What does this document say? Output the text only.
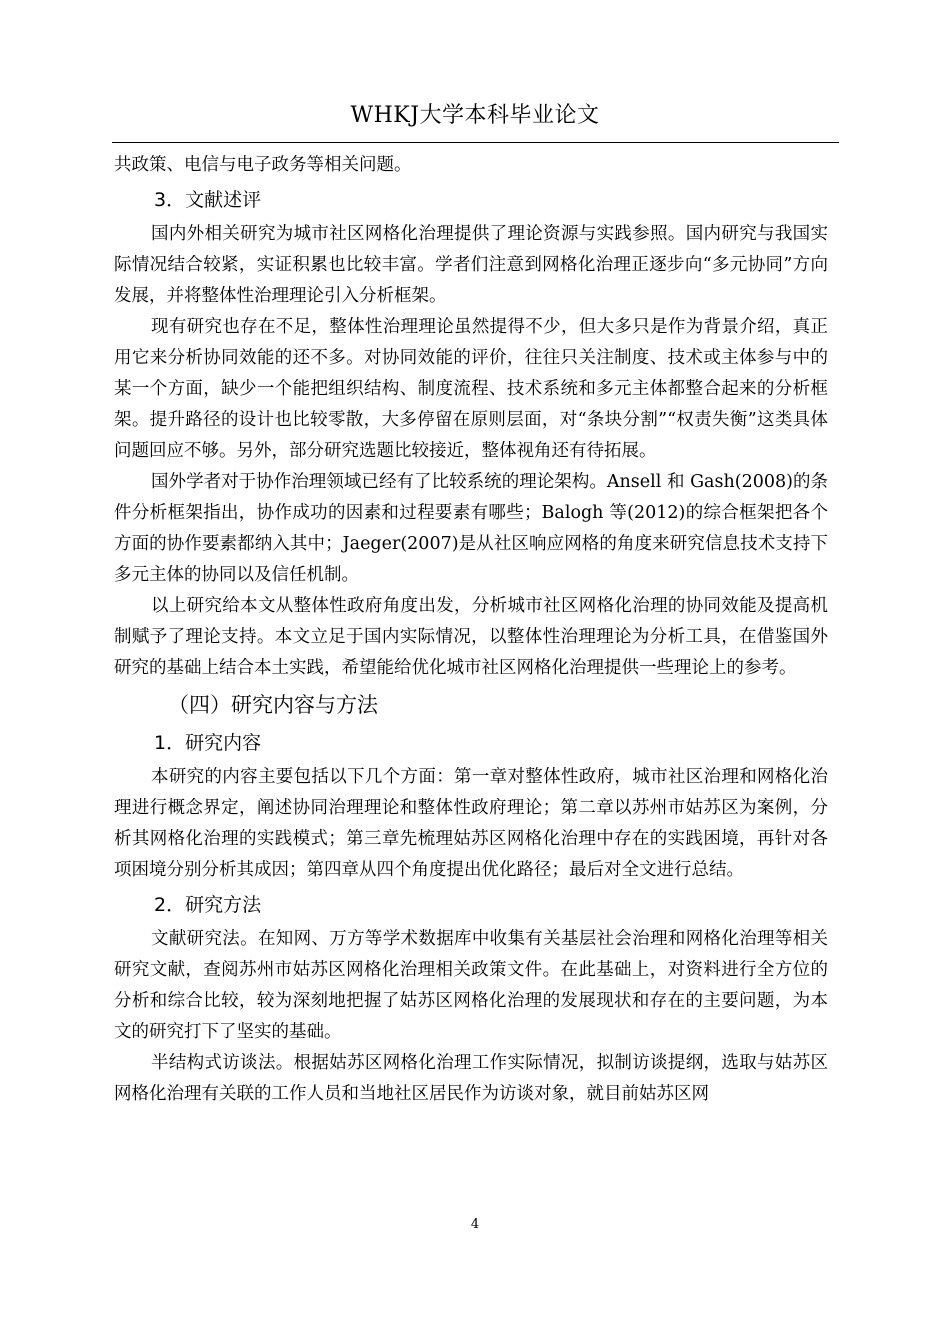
WHKJ大学本科毕业论文

共政策、电信与电子政务等相关问题。

3．文献述评

国内外相关研究为城市社区网格化治理提供了理论资源与实践参照。国内研究与我国实际情况结合较紧，实证积累也比较丰富。学者们注意到网格化治理正逐步向“多元协同”方向发展，并将整体性治理理论引入分析框架。

现有研究也存在不足，整体性治理理论虽然提得不少，但大多只是作为背景介绍，真正用它来分析协同效能的还不多。对协同效能的评价，往往只关注制度、技术或主体参与中的某一个方面，缺少一个能把组织结构、制度流程、技术系统和多元主体都整合起来的分析框架。提升路径的设计也比较零散，大多停留在原则层面，对“条块分割”“权责失衡”这类具体问题回应不够。另外，部分研究选题比较接近，整体视角还有待拓展。

国外学者对于协作治理领域已经有了比较系统的理论架构。Ansell 和 Gash(2008)的条件分析框架指出，协作成功的因素和过程要素有哪些；Balogh 等(2012)的综合框架把各个方面的协作要素都纳入其中；Jaeger(2007)是从社区响应网格的角度来研究信息技术支持下多元主体的协同以及信任机制。

以上研究给本文从整体性政府角度出发，分析城市社区网格化治理的协同效能及提高机制赋予了理论支持。本文立足于国内实际情况，以整体性治理理论为分析工具，在借鉴国外研究的基础上结合本土实践，希望能给优化城市社区网格化治理提供一些理论上的参考。

（四）研究内容与方法
1．研究内容

本研究的内容主要包括以下几个方面：第一章对整体性政府，城市社区治理和网格化治理进行概念界定，阐述协同治理理论和整体性政府理论；第二章以苏州市姑苏区为案例，分析其网格化治理的实践模式；第三章先梳理姑苏区网格化治理中存在的实践困境，再针对各项困境分别分析其成因；第四章从四个角度提出优化路径；最后对全文进行总结。

2．研究方法

文献研究法。在知网、万方等学术数据库中收集有关基层社会治理和网格化治理等相关研究文献，查阅苏州市姑苏区网格化治理相关政策文件。在此基础上，对资料进行全方位的分析和综合比较，较为深刻地把握了姑苏区网格化治理的发展现状和存在的主要问题，为本文的研究打下了坚实的基础。

半结构式访谈法。根据姑苏区网格化治理工作实际情况，拟制访谈提纲，选取与姑苏区网格化治理有关联的工作人员和当地社区居民作为访谈对象，就目前姑苏区网

4
